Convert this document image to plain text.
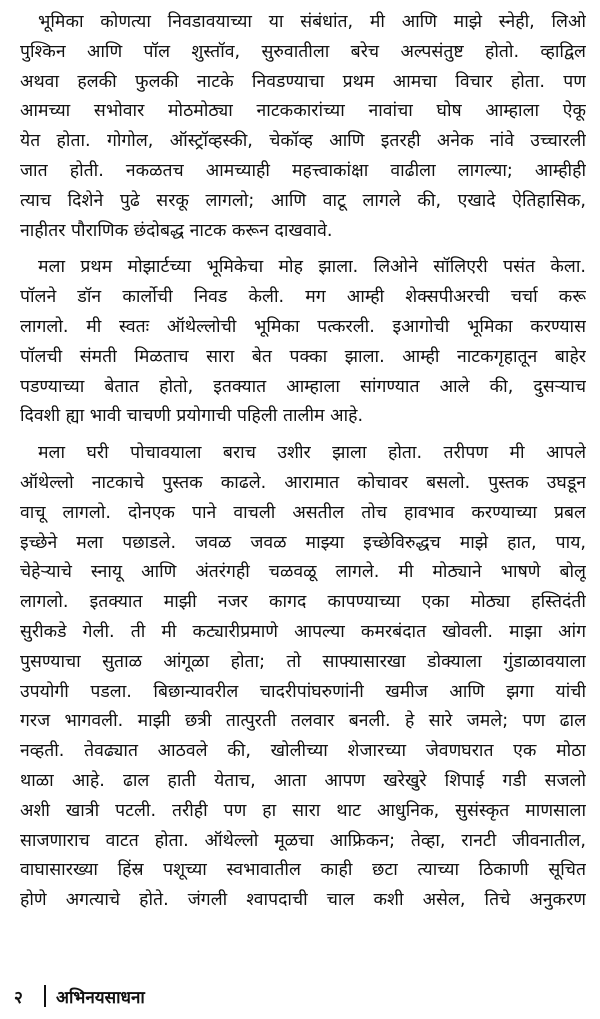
भूमिका कोणत्या निवडावयाच्या या संबंधांत, मी आणि माझे स्नेही, लिओ
पुश्किन आणि पॉल शुस्तॉव, सुरुवातीला बरेच अल्पसंतुष्ट होतो. व्हाद्विल
अथवा हलकी फुलकी नाटके निवडण्याचा प्रथम आमचा विचार होता. पण
आमच्या सभोवार मोठमोठ्या नाटककारांच्या नावांचा घोष आम्हाला ऐकू
येत होता. गोगोल, ऑस्ट्रॉव्हस्की, चेकॉव्ह आणि इतरही अनेक नांवे उच्चारली
जात होती. नकळतच आमच्याही महत्त्वाकांक्षा वाढीला लागल्या; आम्हीही
त्याच दिशेने पुढे सरकू लागलो; आणि वाटू लागले की, एखादे ऐतिहासिक,
नाहीतर पौराणिक छंदोबद्ध नाटक करून दाखवावे.

मला प्रथम मोझार्टच्या भूमिकेचा मोह झाला. लिओने सॉलिएरी पसंत केला.
पॉलने डॉन कार्लोची निवड केली. मग आम्ही शेक्सपीअरची चर्चा करू
लागलो. मी स्वतः ऑथेल्लोची भूमिका पत्करली. इआगोची भूमिका करण्यास
पॉलची संमती मिळताच सारा बेत पक्का झाला. आम्ही नाटकगृहातून बाहेर
पडण्याच्या बेतात होतो, इतक्यात आम्हाला सांगण्यात आले की, दुसऱ्याच
दिवशी ह्या भावी चाचणी प्रयोगाची पहिली तालीम आहे.

मला घरी पोचावयाला बराच उशीर झाला होता. तरीपण मी आपले
ऑथेल्लो नाटकाचे पुस्तक काढले. आरामात कोचावर बसलो. पुस्तक उघडून
वाचू लागलो. दोनएक पाने वाचली असतील तोच हावभाव करण्याच्या प्रबल
इच्छेने मला पछाडले. जवळ जवळ माझ्या इच्छेविरुद्धच माझे हात, पाय,
चेहेऱ्याचे स्नायू आणि अंतरंगही चळवळू लागले. मी मोठ्याने भाषणे बोलू
लागलो. इतक्यात माझी नजर कागद कापण्याच्या एका मोठ्या हस्तिदंती
सुरीकडे गेली. ती मी कट्यारीप्रमाणे आपल्या कमरबंदात खोवली. माझा आंग
पुसण्याचा सुताळ आंगूळा होता; तो साफ्यासारखा डोक्याला गुंडाळावयाला
उपयोगी पडला. बिछान्यावरील चादरीपांघरुणांनी खमीज आणि झगा यांची
गरज भागवली. माझी छत्री तात्पुरती तलवार बनली. हे सारे जमले; पण ढाल
नव्हती. तेवढ्यात आठवले की, खोलीच्या शेजारच्या जेवणघरात एक मोठा
थाळा आहे. ढाल हाती येताच, आता आपण खरेखुरे शिपाई गडी सजलो
अशी खात्री पटली. तरीही पण हा सारा थाट आधुनिक, सुसंस्कृत माणसाला
साजणाराच वाटत होता. ऑथेल्लो मूळचा आफ्रिकन; तेव्हा, रानटी जीवनातील,
वाघासारख्या हिंस्र पशूच्या स्वभावातील काही छटा त्याच्या ठिकाणी सूचित
होणे अगत्याचे होते. जंगली श्वापदाची चाल कशी असेल, तिचे अनुकरण

२	अभिनयसाधना
